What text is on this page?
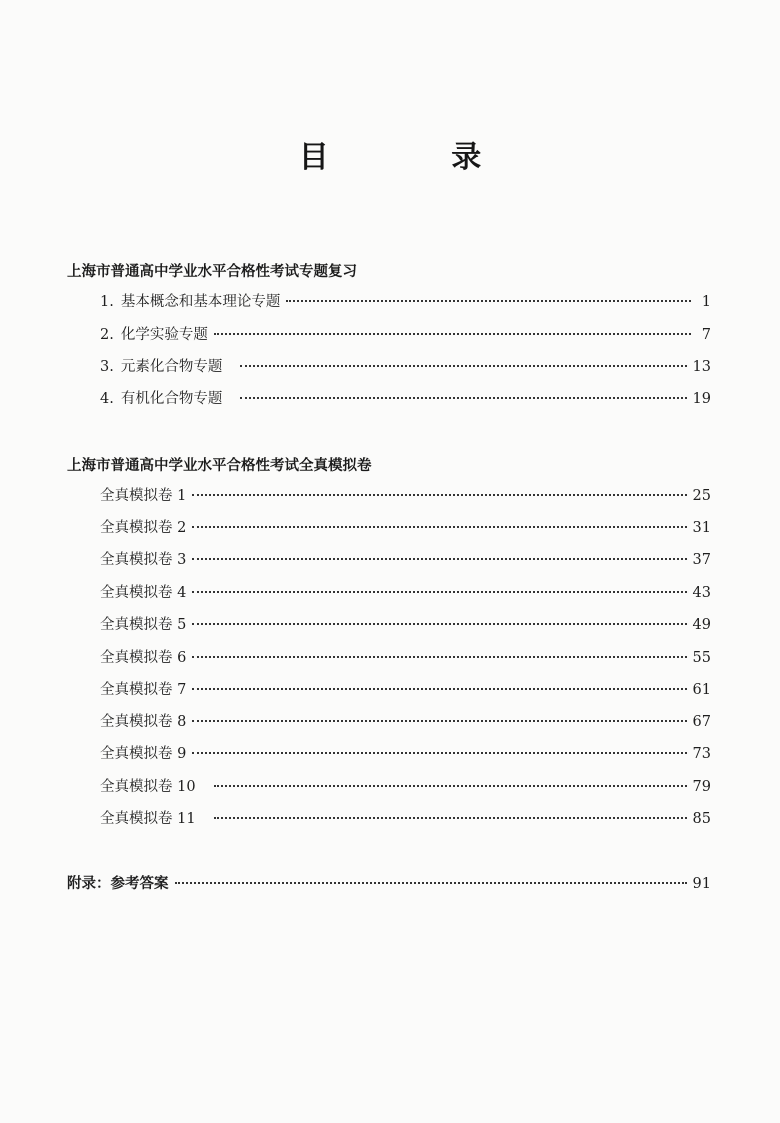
目 录
上海市普通高中学业水平合格性考试专题复习
1. 基本概念和基本理论专题	1
2. 化学实验专题	7
3. 元素化合物专题	13
4. 有机化合物专题	19
上海市普通高中学业水平合格性考试全真模拟卷
全真模拟卷 1	25
全真模拟卷 2	31
全真模拟卷 3	37
全真模拟卷 4	43
全真模拟卷 5	49
全真模拟卷 6	55
全真模拟卷 7	61
全真模拟卷 8	67
全真模拟卷 9	73
全真模拟卷 10	79
全真模拟卷 11	85
附录：参考答案	91
